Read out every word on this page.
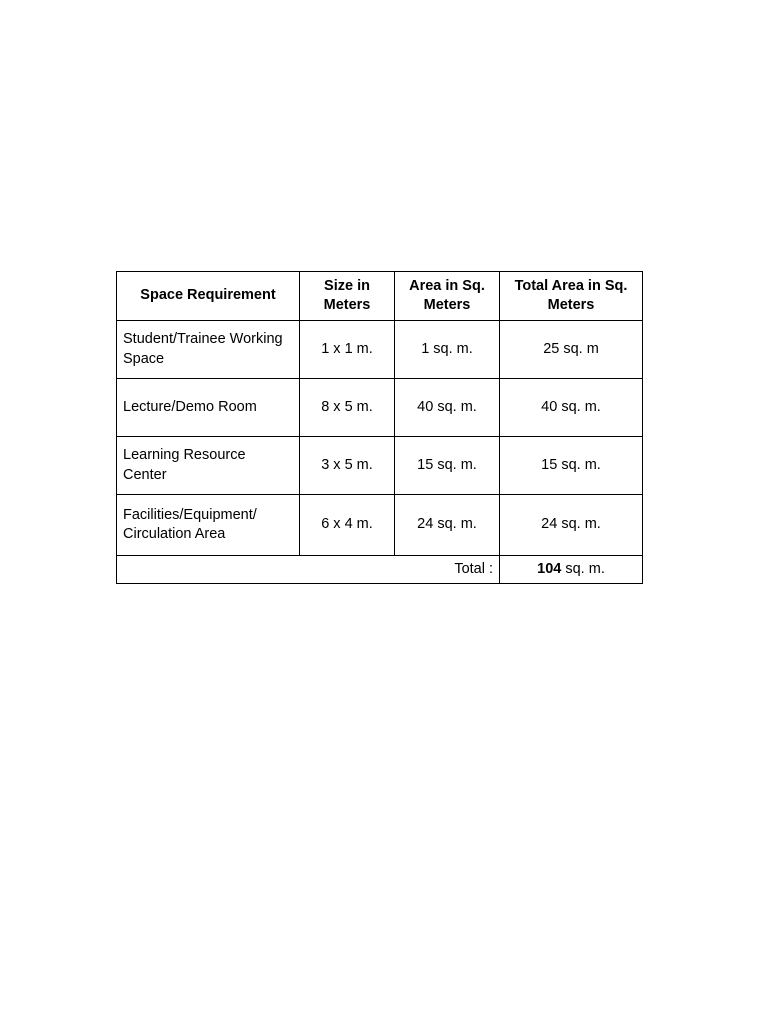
Space Requirement	Size in Meters	Area in Sq. Meters	Total Area in Sq. Meters
Student/Trainee Working Space	1 x 1 m.	1 sq. m.	25 sq. m
Lecture/Demo Room	8 x 5 m.	40 sq. m.	40 sq. m.
Learning Resource Center	3 x 5 m.	15 sq. m.	15 sq. m.
Facilities/Equipment/ Circulation Area	6 x 4 m.	24 sq. m.	24 sq. m.
Total :			104 sq. m.
